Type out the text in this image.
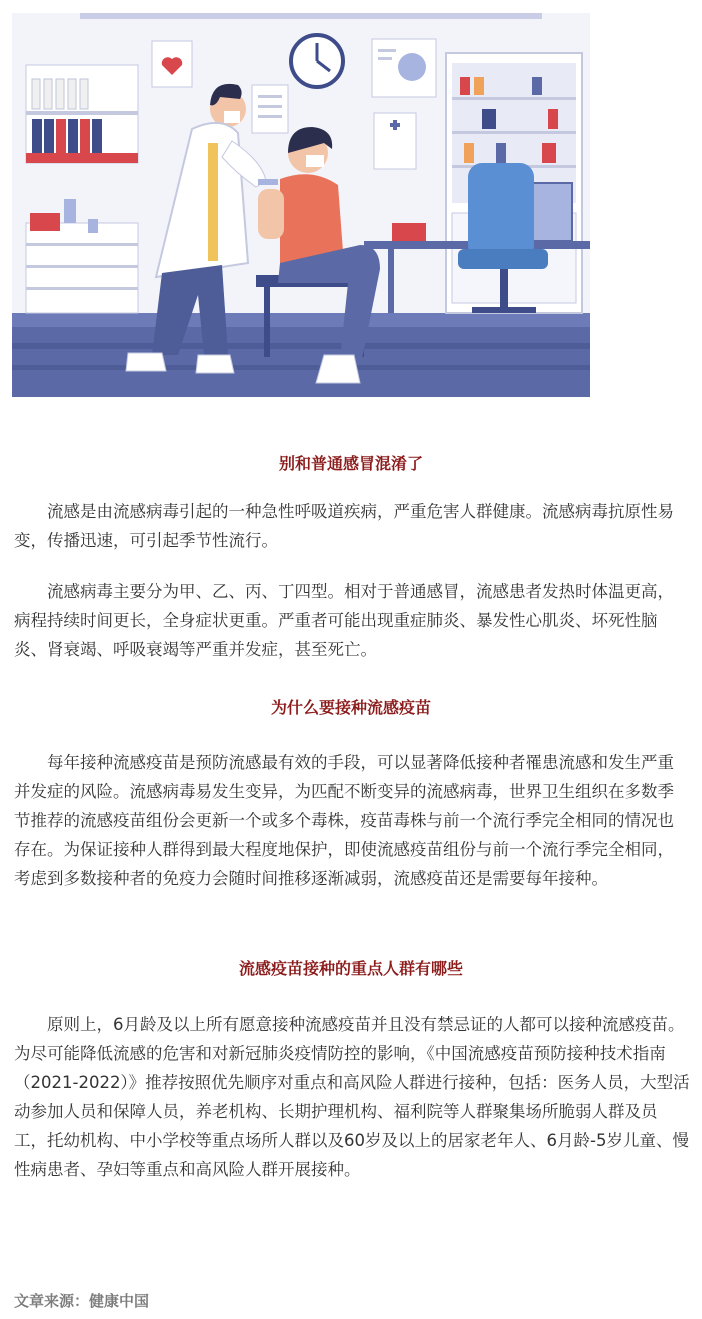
别和普通感冒混淆了

流感是由流感病毒引起的一种急性呼吸道疾病，严重危害人群健康。流感病毒抗原性易变，传播迅速，可引起季节性流行。

流感病毒主要分为甲、乙、丙、丁四型。相对于普通感冒，流感患者发热时体温更高，病程持续时间更长，全身症状更重。严重者可能出现重症肺炎、暴发性心肌炎、坏死性脑炎、肾衰竭、呼吸衰竭等严重并发症，甚至死亡。

为什么要接种流感疫苗

每年接种流感疫苗是预防流感最有效的手段，可以显著降低接种者罹患流感和发生严重并发症的风险。流感病毒易发生变异，为匹配不断变异的流感病毒，世界卫生组织在多数季节推荐的流感疫苗组份会更新一个或多个毒株，疫苗毒株与前一个流行季完全相同的情况也存在。为保证接种人群得到最大程度地保护，即使流感疫苗组份与前一个流行季完全相同，考虑到多数接种者的免疫力会随时间推移逐渐减弱，流感疫苗还是需要每年接种。

流感疫苗接种的重点人群有哪些

原则上，6月龄及以上所有愿意接种流感疫苗并且没有禁忌证的人都可以接种流感疫苗。为尽可能降低流感的危害和对新冠肺炎疫情防控的影响，《中国流感疫苗预防接种技术指南（2021-2022）》推荐按照优先顺序对重点和高风险人群进行接种，包括：医务人员，大型活动参加人员和保障人员，养老机构、长期护理机构、福利院等人群聚集场所脆弱人群及员工，托幼机构、中小学校等重点场所人群以及60岁及以上的居家老年人、6月龄-5岁儿童、慢性病患者、孕妇等重点和高风险人群开展接种。

文章来源：健康中国
